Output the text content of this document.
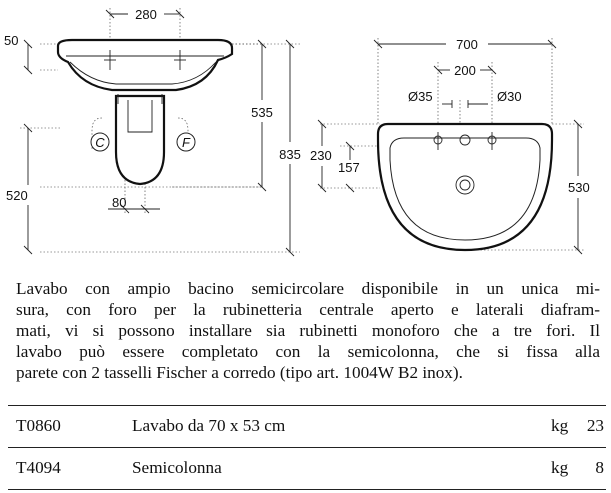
C	F
280
50
535
835
520	80
700
200
Ø35	Ø30
230
157
530

Lavabo con ampio bacino semicircolare disponibile in un unica mi-
sura, con foro per la rubinetteria centrale aperto e laterali diafram-
mati, vi si possono installare sia rubinetti monoforo che a tre fori. Il
lavabo può essere completato con la semicolonna, che si fissa alla
parete con 2 tasselli Fischer a corredo (tipo art. 1004W B2 inox).

T0860	Lavabo da 70 x 53 cm	kg 23
T4094	Semicolonna	kg 8
